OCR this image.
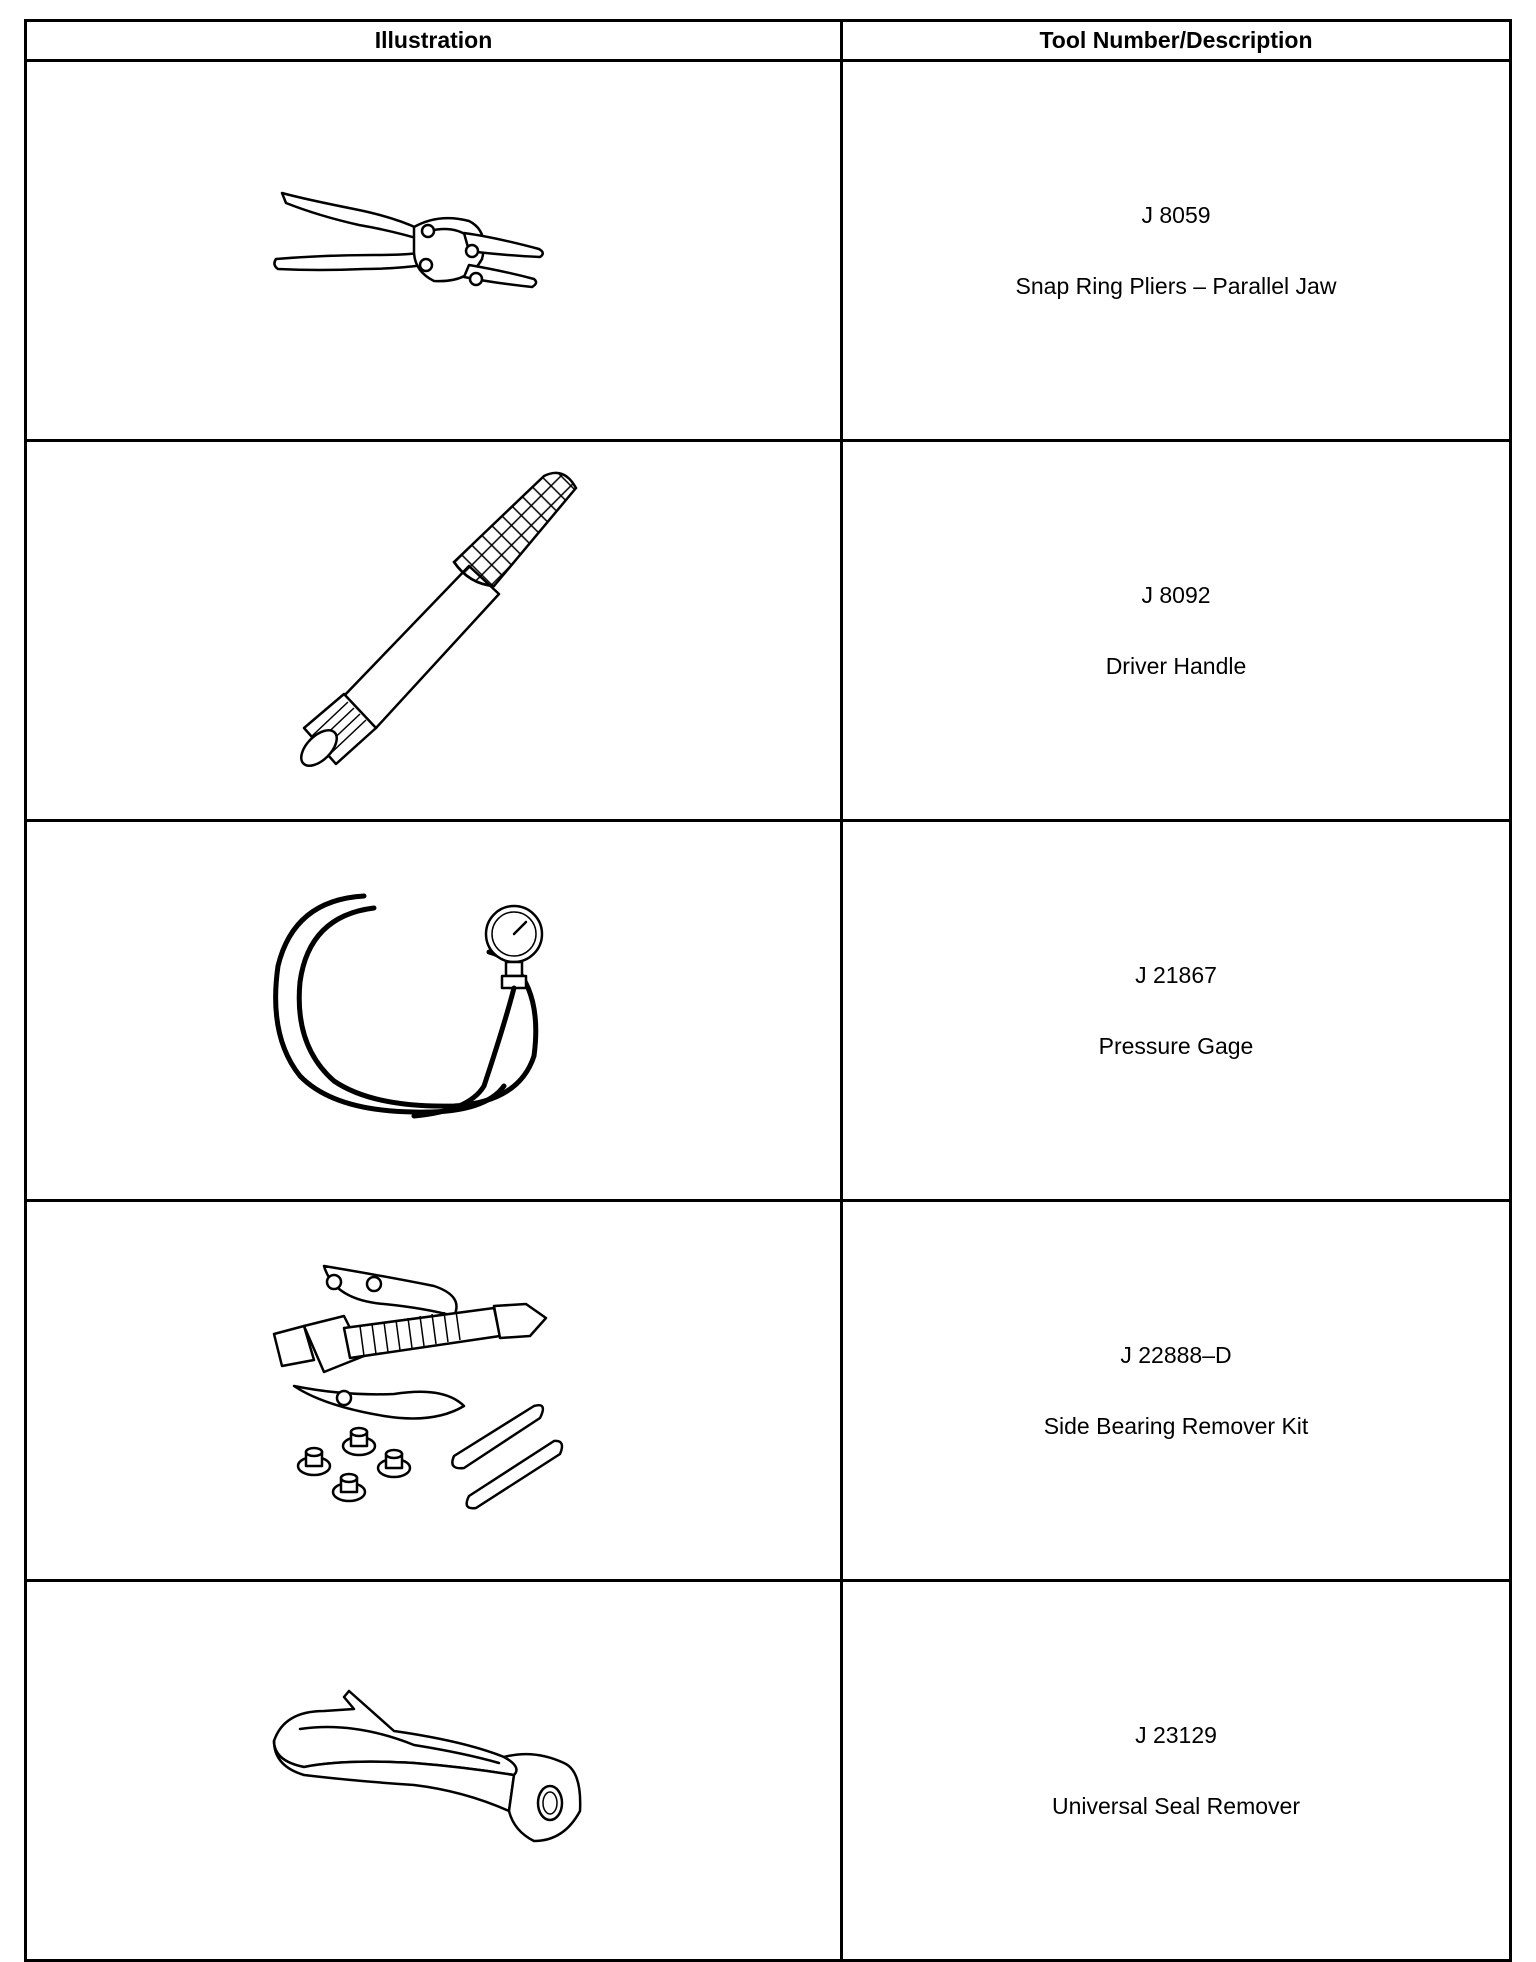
Illustration	Tool Number/Description

J 8059
Snap Ring Pliers – Parallel Jaw

J 8092
Driver Handle

J 21867
Pressure Gage

J 22888–D
Side Bearing Remover Kit

J 23129
Universal Seal Remover
